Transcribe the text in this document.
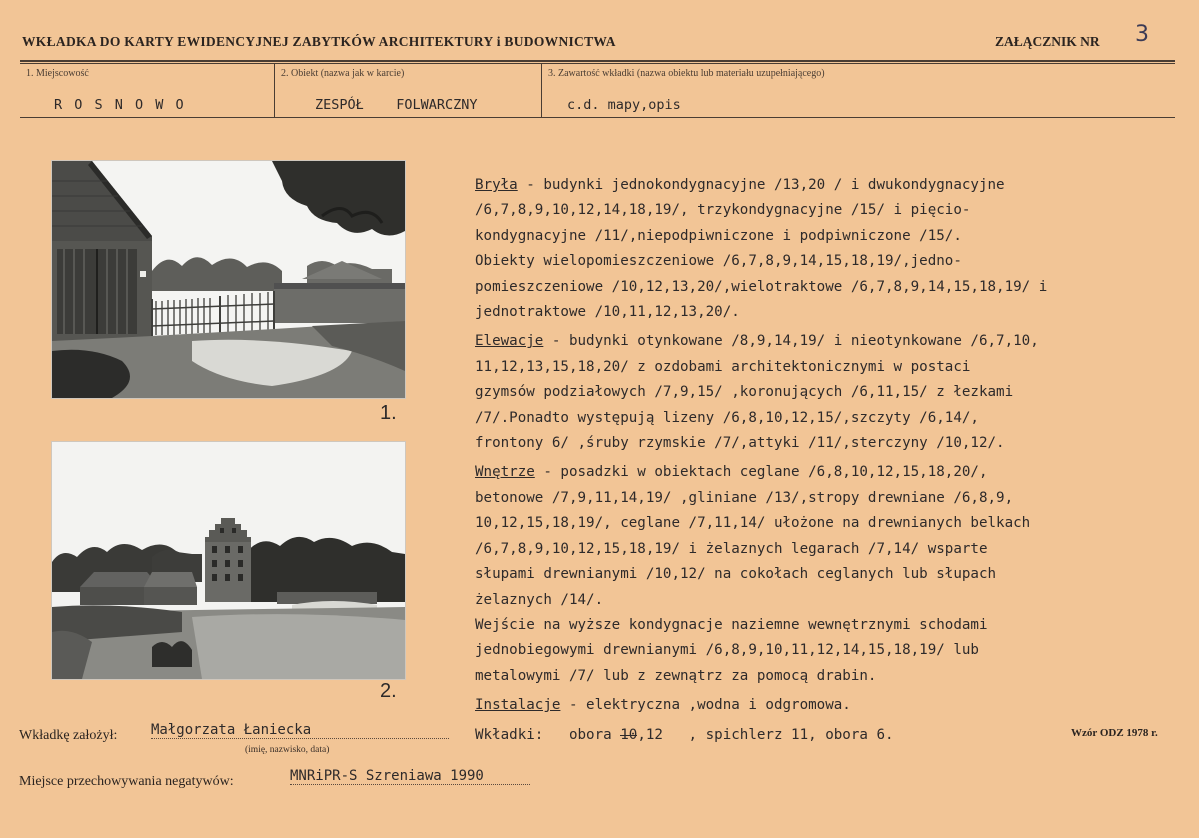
WKŁADKA DO KARTY EWIDENCYJNEJ ZABYTKÓW ARCHITEKTURY i BUDOWNICTWA	ZAŁĄCZNIK NR 3
1. Miejscowość	2. Obiekt (nazwa jak w karcie)	3. Zawartość wkładki (nazwa obiektu lub materiału uzupełniającego)
R O S N O W O	ZESPÓŁ    FOLWARCZNY	c.d. mapy,opis
1.
2.
Bryła - budynki jednokondygnacyjne /13,20 / i dwukondygnacyjne
/6,7,8,9,10,12,14,18,19/, trzykondygnacyjne /15/ i pięcio-
kondygnacyjne /11/,niepodpiwniczone i podpiwniczone /15/.
Obiekty wielopomieszczeniowe /6,7,8,9,14,15,18,19/,jedno-
pomieszczeniowe /10,12,13,20/,wielotraktowe /6,7,8,9,14,15,18,19/ i
jednotraktowe /10,11,12,13,20/.
Elewacje - budynki otynkowane /8,9,14,19/ i nieotynkowane /6,7,10,
11,12,13,15,18,20/ z ozdobami architektonicznymi w postaci
gzymsów podziałowych /7,9,15/ ,koronujących /6,11,15/ z łezkami
/7/.Ponadto występują lizeny /6,8,10,12,15/,szczyty /6,14/,
frontony 6/ ,śruby rzymskie /7/,attyki /11/,sterczyny /10,12/.
Wnętrze - posadzki w obiektach ceglane /6,8,10,12,15,18,20/,
betonowe /7,9,11,14,19/ ,gliniane /13/,stropy drewniane /6,8,9,
10,12,15,18,19/, ceglane /7,11,14/ ułożone na drewnianych belkach
/6,7,8,9,10,12,15,18,19/ i żelaznych legarach /7,14/ wsparte
słupami drewnianymi /10,12/ na cokołach ceglanych lub słupach
żelaznych /14/.
Wejście na wyższe kondygnacje naziemne wewnętrznymi schodami
jednobiegowymi drewnianymi /6,8,9,10,11,12,14,15,18,19/ lub
metalowymi /7/ lub z zewnątrz za pomocą drabin.
Instalacje - elektryczna ,wodna i odgromowa.
Wkładki:   obora 10,12   , spichlerz 11, obora 6.
Wkładkę założył: Małgorzata Łaniecka
(imię, nazwisko, data)
Miejsce przechowywania negatywów:	MNRiPR-S Szreniawa 1990
Wzór ODZ 1978 r.
